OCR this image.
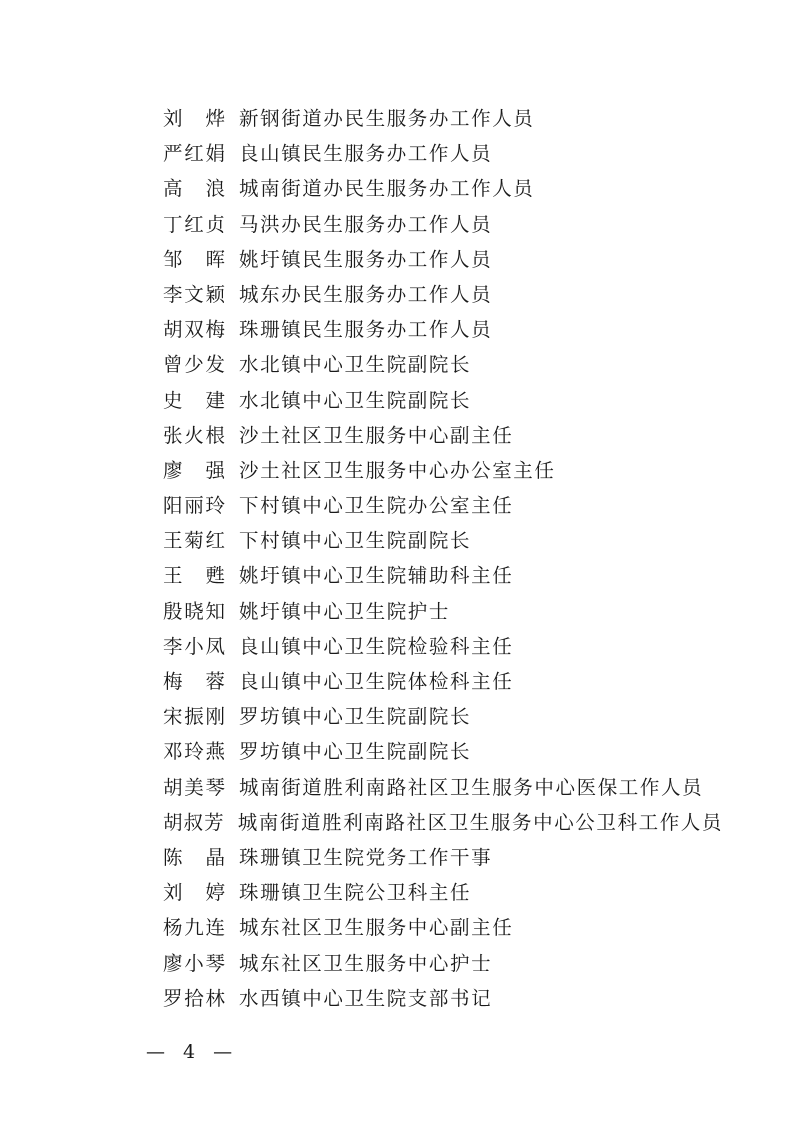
刘　烨 新钢街道办民生服务办工作人员
严红娟 良山镇民生服务办工作人员
高　浪 城南街道办民生服务办工作人员
丁红贞 马洪办民生服务办工作人员
邹　晖 姚圩镇民生服务办工作人员
李文颖 城东办民生服务办工作人员
胡双梅 珠珊镇民生服务办工作人员
曾少发 水北镇中心卫生院副院长
史　建 水北镇中心卫生院副院长
张火根 沙土社区卫生服务中心副主任
廖　强 沙土社区卫生服务中心办公室主任
阳丽玲 下村镇中心卫生院办公室主任
王菊红 下村镇中心卫生院副院长
王　甦 姚圩镇中心卫生院辅助科主任
殷晓知 姚圩镇中心卫生院护士
李小凤 良山镇中心卫生院检验科主任
梅　蓉 良山镇中心卫生院体检科主任
宋振刚 罗坊镇中心卫生院副院长
邓玲燕 罗坊镇中心卫生院副院长
胡美琴 城南街道胜利南路社区卫生服务中心医保工作人员
胡叔芳 城南街道胜利南路社区卫生服务中心公卫科工作人员
陈　晶 珠珊镇卫生院党务工作干事
刘　婷 珠珊镇卫生院公卫科主任
杨九连 城东社区卫生服务中心副主任
廖小琴 城东社区卫生服务中心护士
罗拾林 水西镇中心卫生院支部书记
— 4 —
